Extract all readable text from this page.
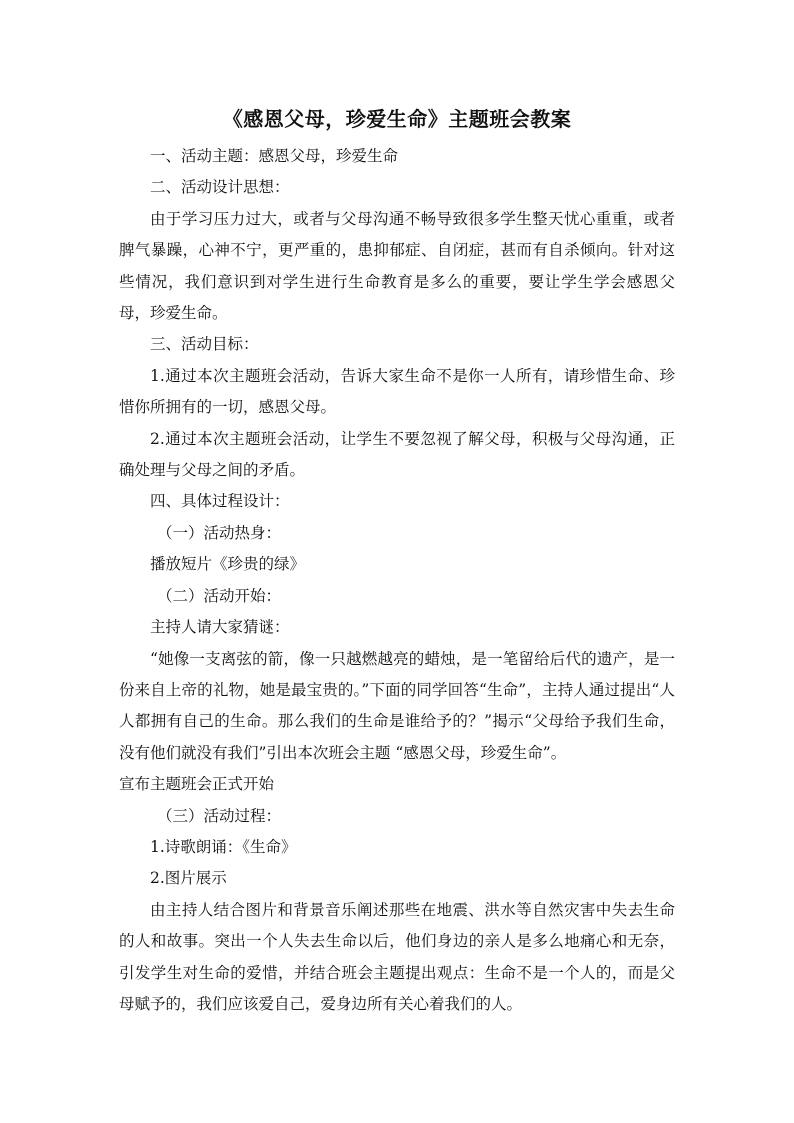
《感恩父母，珍爱生命》主题班会教案

一、活动主题：感恩父母，珍爱生命

二、活动设计思想：

由于学习压力过大，或者与父母沟通不畅导致很多学生整天忧心重重，或者脾气暴躁，心神不宁，更严重的，患抑郁症、自闭症，甚而有自杀倾向。针对这些情况，我们意识到对学生进行生命教育是多么的重要，要让学生学会感恩父母，珍爱生命。

三、活动目标：

1.通过本次主题班会活动，告诉大家生命不是你一人所有，请珍惜生命、珍惜你所拥有的一切，感恩父母。

2.通过本次主题班会活动，让学生不要忽视了解父母，积极与父母沟通，正确处理与父母之间的矛盾。

四、具体过程设计：

（一）活动热身：

播放短片《珍贵的绿》

（二）活动开始：

主持人请大家猜谜：

“她像一支离弦的箭，像一只越燃越亮的蜡烛，是一笔留给后代的遗产，是一份来自上帝的礼物，她是最宝贵的。”下面的同学回答“生命”，主持人通过提出“人人都拥有自己的生命。那么我们的生命是谁给予的？”揭示“父母给予我们生命，没有他们就没有我们”引出本次班会主题 “感恩父母，珍爱生命”。

宣布主题班会正式开始

（三）活动过程：

1.诗歌朗诵：《生命》

2.图片展示

由主持人结合图片和背景音乐阐述那些在地震、洪水等自然灾害中失去生命的人和故事。突出一个人失去生命以后，他们身边的亲人是多么地痛心和无奈，引发学生对生命的爱惜，并结合班会主题提出观点：生命不是一个人的，而是父母赋予的，我们应该爱自己，爱身边所有关心着我们的人。
